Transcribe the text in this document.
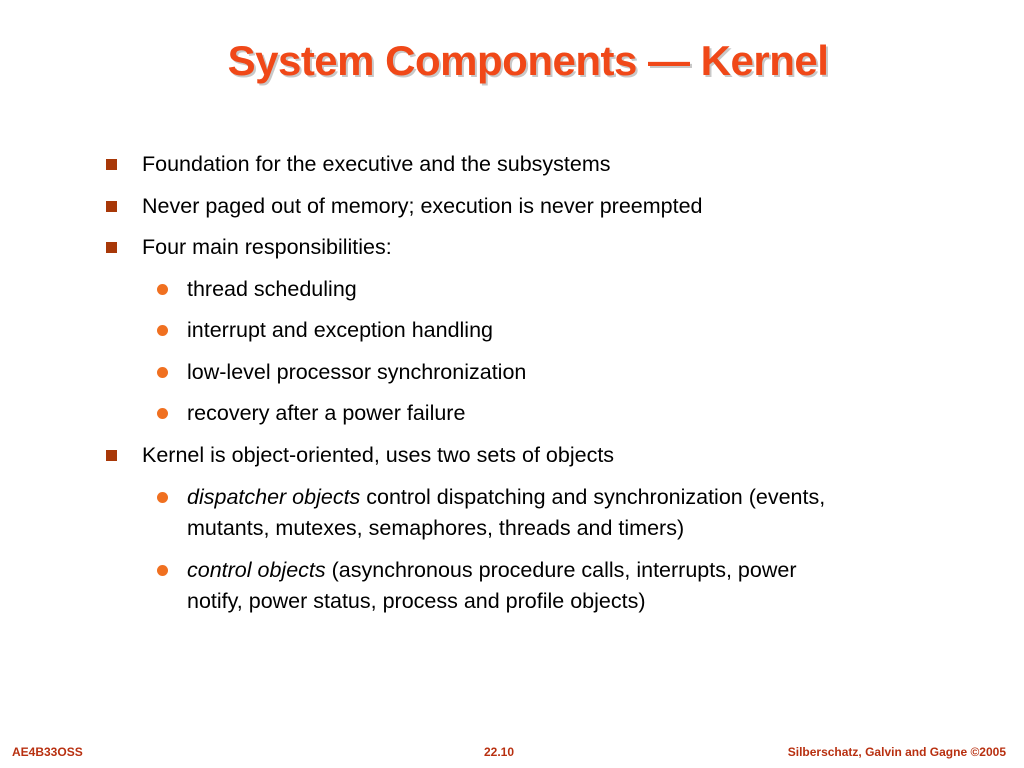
System Components — Kernel
Foundation for the executive and the subsystems
Never paged out of memory; execution is never preempted
Four main responsibilities:
thread scheduling
interrupt and exception handling
low-level processor synchronization
recovery after a power failure
Kernel is object-oriented, uses two sets of objects
dispatcher objects control dispatching and synchronization (events,
mutants, mutexes, semaphores, threads and timers)
control objects (asynchronous procedure calls, interrupts, power
notify, power status, process and profile objects)
AE4B33OSS	22.10	Silberschatz, Galvin and Gagne ©2005
